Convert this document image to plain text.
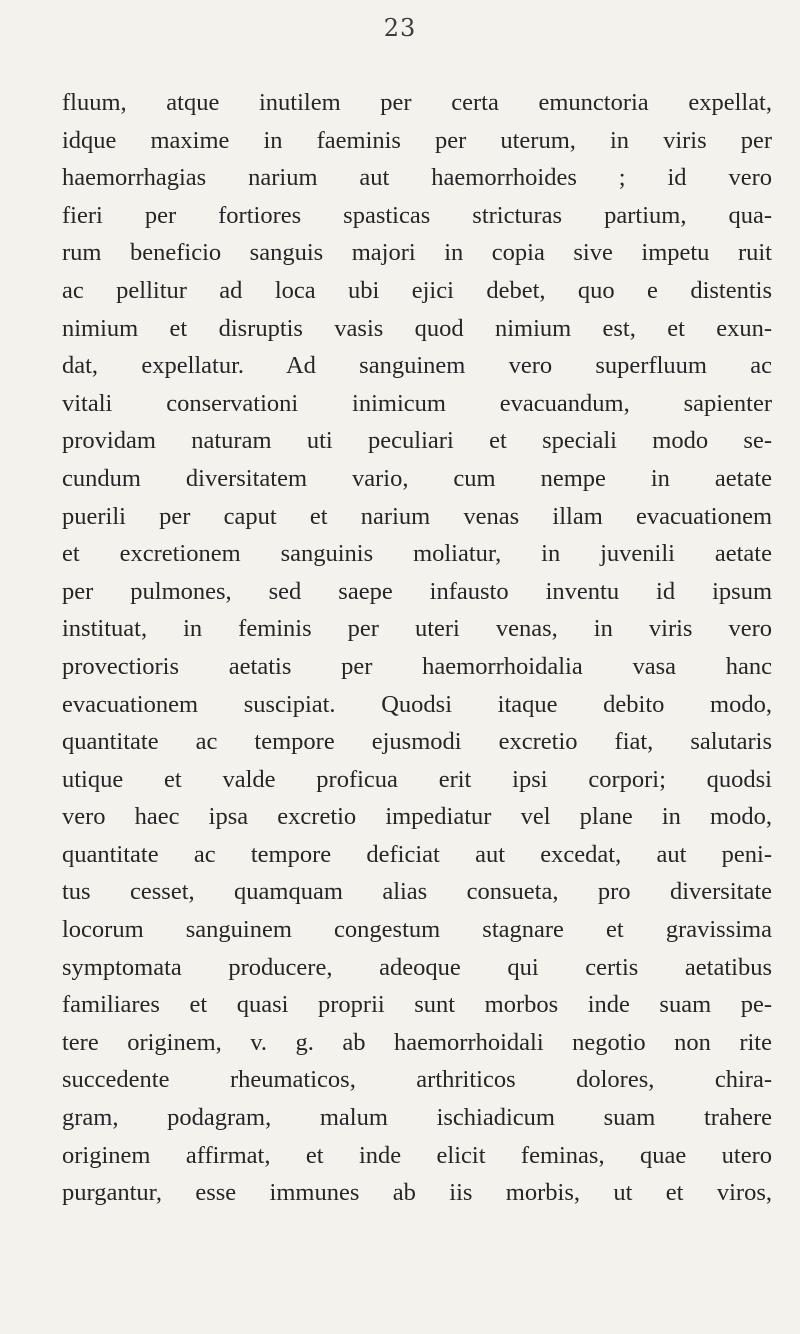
23
fluum, atque inutilem per certa emunctoria expellat,
idque maxime in faeminis per uterum, in viris per
haemorrhagias narium aut haemorrhoides ; id vero
fieri per fortiores spasticas stricturas partium, qua-
rum beneficio sanguis majori in copia sive impetu ruit
ac pellitur ad loca ubi ejici debet, quo e distentis
nimium et disruptis vasis quod nimium est, et exun-
dat, expellatur. Ad sanguinem vero superfluum ac
vitali conservationi inimicum evacuandum, sapienter
providam naturam uti peculiari et speciali modo se-
cundum diversitatem vario, cum nempe in aetate
puerili per caput et narium venas illam evacuationem
et excretionem sanguinis moliatur, in juvenili aetate
per pulmones, sed saepe infausto inventu id ipsum
instituat, in feminis per uteri venas, in viris vero
provectioris aetatis per haemorrhoidalia vasa hanc
evacuationem suscipiat. Quodsi itaque debito modo,
quantitate ac tempore ejusmodi excretio fiat, salutaris
utique et valde proficua erit ipsi corpori; quodsi
vero haec ipsa excretio impediatur vel plane in modo,
quantitate ac tempore deficiat aut excedat, aut peni-
tus cesset, quamquam alias consueta, pro diversitate
locorum sanguinem congestum stagnare et gravissima
symptomata producere, adeoque qui certis aetatibus
familiares et quasi proprii sunt morbos inde suam pe-
tere originem, v. g. ab haemorrhoidali negotio non rite
succedente rheumaticos, arthriticos dolores, chira-
gram, podagram, malum ischiadicum suam trahere
originem affirmat, et inde elicit feminas, quae utero
purgantur, esse immunes ab iis morbis, ut et viros,
